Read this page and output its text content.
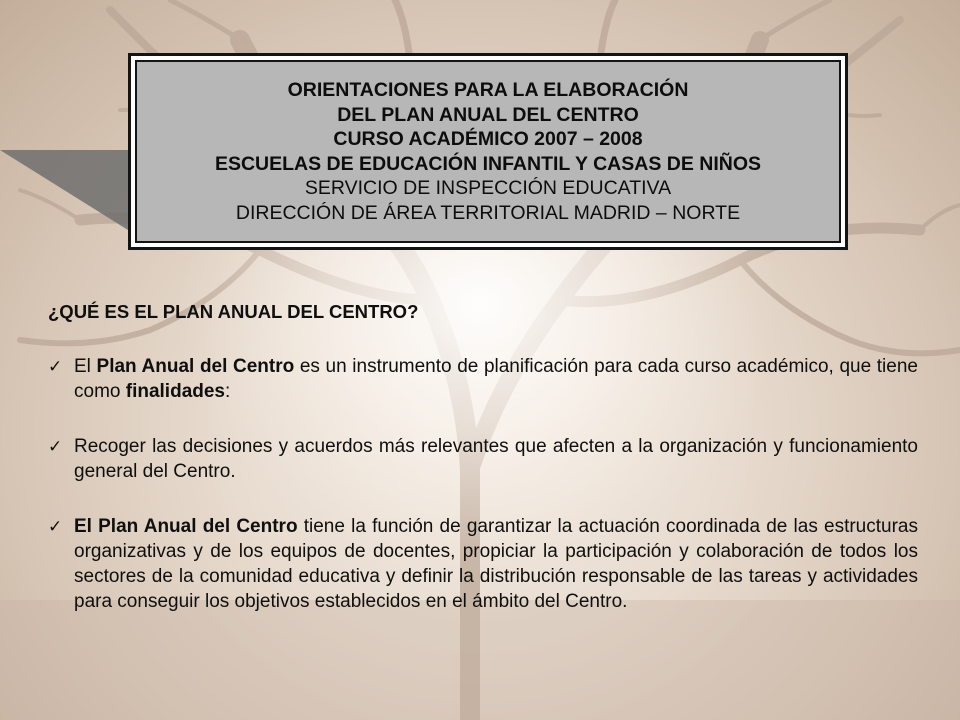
ORIENTACIONES PARA LA ELABORACIÓN
DEL PLAN ANUAL DEL CENTRO
CURSO ACADÉMICO 2007 – 2008
ESCUELAS DE EDUCACIÓN INFANTIL Y CASAS DE NIÑOS
SERVICIO DE INSPECCIÓN EDUCATIVA
DIRECCIÓN DE ÁREA TERRITORIAL MADRID – NORTE

¿QUÉ ES EL PLAN ANUAL DEL CENTRO?

✓ El Plan Anual del Centro es un instrumento de planificación para cada curso académico, que tiene como finalidades:
✓ Recoger las decisiones y acuerdos más relevantes que afecten a la organización y funcionamiento general del Centro.
✓ El Plan Anual del Centro tiene la función de garantizar la actuación coordinada de las estructuras organizativas y de los equipos de docentes, propiciar la participación y colaboración de todos los sectores de la comunidad educativa y definir la distribución responsable de las tareas y actividades para conseguir los objetivos establecidos en el ámbito del Centro.
